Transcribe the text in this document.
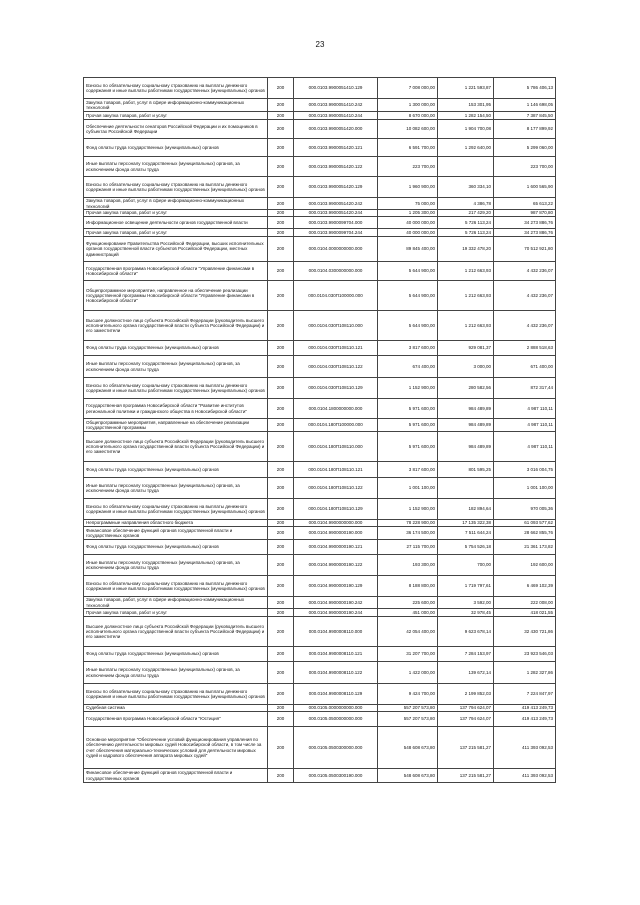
23
Взносы по обязательному социальному страхованию на выплаты денежного содержания и иные выплаты работникам государственных (муниципальных) органов	200	000.0103.9900051410.129	7 008 000,00	1 221 593,87	5 786 406,13
Закупка товаров, работ, услуг в сфере информационно-коммуникационных технологий	200	000.0103.9900051410.242	1 300 000,00	153 301,95	1 146 698,05
Прочая закупка товаров, работ и услуг	200	000.0103.9900051410.244	8 670 000,00	1 282 154,50	7 387 845,50
Обеспечение деятельности сенаторов Российской Федерации и их помощников в субъектах Российской Федерации	200	000.0103.9900051420.000	10 082 600,00	1 904 700,08	8 177 899,92
Фонд оплаты труда государственных (муниципальных) органов	200	000.0103.9900051420.121	6 591 700,00	1 292 640,00	5 299 060,00
Иные выплаты персоналу государственных (муниципальных) органов, за исключением фонда оплаты труда	200	000.0103.9900051420.122	223 700,00		223 700,00
Взносы по обязательному социальному страхованию на выплаты денежного содержания и иные выплаты работникам государственных (муниципальных) органов	200	000.0103.9900051420.129	1 960 900,00	360 334,10	1 600 565,90
Закупка товаров, работ, услуг в сфере информационно-коммуникационных технологий	200	000.0103.9900051420.242	75 000,00	4 386,78	65 613,22
Прочая закупка товаров, работ и услуг	200	000.0103.9900051420.244	1 205 300,00	217 429,20	987 870,80
Информационное освещение деятельности органов государственной власти	200	000.0103.9900099704.000	40 000 000,00	5 726 113,24	34 273 886,76
Прочая закупка товаров, работ и услуг	200	000.0103.9900099704.244	40 000 000,00	5 726 113,24	34 273 886,76
Функционирование Правительства Российской Федерации, высших исполнительных органов государственной власти субъектов Российской Федерации, местных администраций	200	000.0104.0000000000.000	89 845 400,00	19 332 478,20	70 512 921,80
Государственная программа Новосибирской области "Управление финансами в Новосибирской области"	200	000.0104.0300000000.000	5 644 900,00	1 212 663,93	4 432 236,07
Общепрограммное мероприятие, направленное на обеспечение реализации государственной программы Новосибирской области "Управление финансами в Новосибирской области"	200	000.0104.030П100000.000	5 644 900,00	1 212 663,93	4 432 236,07
Высшее должностное лицо субъекта Российской Федерации (руководитель высшего исполнительного органа государственной власти субъекта Российской Федерации) и его заместители	200	000.0104.030П108110.000	5 644 900,00	1 212 663,93	4 432 236,07
Фонд оплаты труда государственных (муниципальных) органов	200	000.0104.030П108110.121	3 817 600,00	929 081,37	2 888 518,63
Иные выплаты персоналу государственных (муниципальных) органов, за исключением фонда оплаты труда	200	000.0104.030П108110.122	674 400,00	3 000,00	671 400,00
Взносы по обязательному социальному страхованию на выплаты денежного содержания и иные выплаты работникам государственных (муниципальных) органов	200	000.0104.030П108110.129	1 152 900,00	280 582,56	872 317,44
Государственная программа Новосибирской области "Развитие институтов региональной политики и гражданского общества в Новосибирской области"	200	000.0104.1800000000.000	5 971 600,00	984 489,89	4 987 110,11
Общепрограммные мероприятия, направленные на обеспечение реализации государственной программы	200	000.0104.180П100000.000	5 971 600,00	984 489,89	4 987 110,11
Высшее должностное лицо субъекта Российской Федерации (руководитель высшего исполнительного органа государственной власти субъекта Российской Федерации) и его заместители	200	000.0104.180П108110.000	5 971 600,00	984 489,89	4 987 110,11
Фонд оплаты труда государственных (муниципальных) органов	200	000.0104.180П108110.121	3 817 600,00	801 595,25	3 016 004,75
Иные выплаты персоналу государственных (муниципальных) органов, за исключением фонда оплаты труда	200	000.0104.180П108110.122	1 001 100,00		1 001 100,00
Взносы по обязательному социальному страхованию на выплаты денежного содержания и иные выплаты работникам государственных (муниципальных) органов	200	000.0104.180П108110.129	1 152 900,00	182 894,64	970 005,36
Непрограммные направления областного бюджета	200	000.0104.9900000000.000	78 228 900,00	17 135 322,38	61 093 577,62
Финансовое обеспечение функций органов государственной власти и государственных органов	200	000.0104.9900000190.000	36 174 500,00	7 511 644,24	28 662 855,76
Фонд оплаты труда государственных (муниципальных) органов	200	000.0104.9900000190.121	27 115 700,00	5 754 526,18	21 361 173,82
Иные выплаты персоналу государственных (муниципальных) органов, за исключением фонда оплаты труда	200	000.0104.9900000190.122	193 300,00	700,00	192 600,00
Взносы по обязательному социальному страхованию на выплаты денежного содержания и иные выплаты работникам государственных (муниципальных) органов	200	000.0104.9900000190.129	8 188 800,00	1 719 797,61	6 469 102,39
Закупка товаров, работ, услуг в сфере информационно-коммуникационных технологий	200	000.0104.9900000190.242	225 600,00	3 592,00	222 008,00
Прочая закупка товаров, работ и услуг	200	000.0104.9900000190.244	451 000,00	32 978,45	418 021,55
Высшее должностное лицо субъекта Российской Федерации (руководитель высшего исполнительного органа государственной власти субъекта Российской Федерации) и его заместители	200	000.0104.9900008110.000	42 054 400,00	9 623 678,14	32 430 721,86
Фонд оплаты труда государственных (муниципальных) органов	200	000.0104.9900008110.121	31 207 700,00	7 284 153,97	23 923 546,03
Иные выплаты персоналу государственных (муниципальных) органов, за исключением фонда оплаты труда	200	000.0104.9900008110.122	1 422 000,00	139 672,14	1 282 327,86
Взносы по обязательному социальному страхованию на выплаты денежного содержания и иные выплаты работникам государственных (муниципальных) органов	200	000.0104.9900008110.129	9 424 700,00	2 199 852,03	7 224 847,97
Судебная система	200	000.0105.0000000000.000	557 207 573,80	137 794 624,07	419 413 249,73
Государственная программа Новосибирской области "Юстиция"	200	000.0105.0500000000.000	557 207 573,80	137 794 624,07	419 413 249,73
Основное мероприятие "Обеспечение условий функционирования управления по обеспечению деятельности мировых судей Новосибирской области, в том числе за счет обеспечения материально-технических условий для деятельности мировых судей и кадрового обеспечения аппарата мировых судей"	200	000.0105.0500300000.000	548 608 673,80	137 215 581,27	411 393 092,53
Финансовое обеспечение функций органов государственной власти и государственных органов	200	000.0105.0500300190.000	548 608 673,80	137 215 581,27	411 393 092,53
